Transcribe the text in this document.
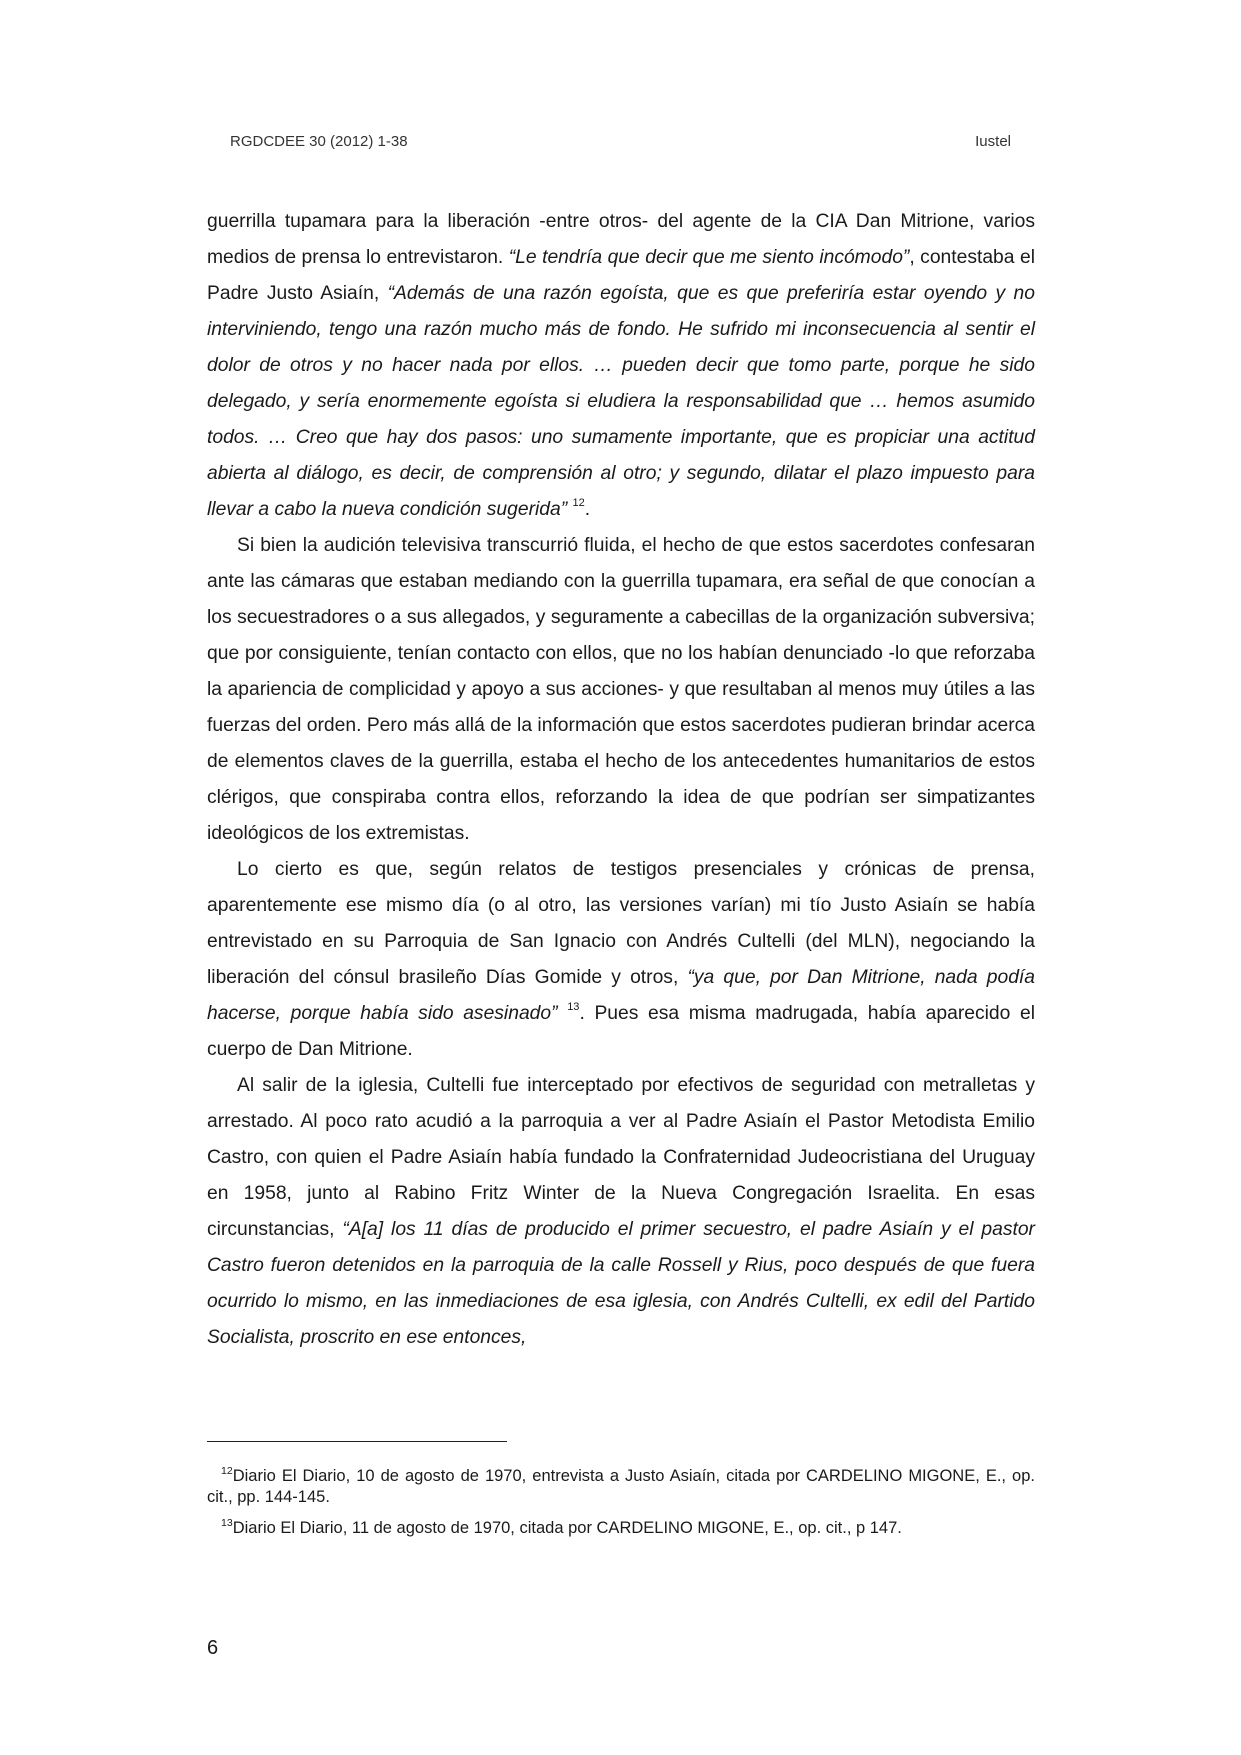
RGDCDEE 30 (2012) 1-38	Iustel

guerrilla tupamara para la liberación -entre otros- del agente de la CIA Dan Mitrione, varios medios de prensa lo entrevistaron. “Le tendría que decir que me siento incómodo”, contestaba el Padre Justo Asiaín, “Además de una razón egoísta, que es que preferiría estar oyendo y no interviniendo, tengo una razón mucho más de fondo. He sufrido mi inconsecuencia al sentir el dolor de otros y no hacer nada por ellos. … pueden decir que tomo parte, porque he sido delegado, y sería enormemente egoísta si eludiera la responsabilidad que … hemos asumido todos. … Creo que hay dos pasos: uno sumamente importante, que es propiciar una actitud abierta al diálogo, es decir, de comprensión al otro; y segundo, dilatar el plazo impuesto para llevar a cabo la nueva condición sugerida” $^{12}$.

Si bien la audición televisiva transcurrió fluida, el hecho de que estos sacerdotes confesaran ante las cámaras que estaban mediando con la guerrilla tupamara, era señal de que conocían a los secuestradores o a sus allegados, y seguramente a cabecillas de la organización subversiva; que por consiguiente, tenían contacto con ellos, que no los habían denunciado -lo que reforzaba la apariencia de complicidad y apoyo a sus acciones- y que resultaban al menos muy útiles a las fuerzas del orden. Pero más allá de la información que estos sacerdotes pudieran brindar acerca de elementos claves de la guerrilla, estaba el hecho de los antecedentes humanitarios de estos clérigos, que conspiraba contra ellos, reforzando la idea de que podrían ser simpatizantes ideológicos de los extremistas.

Lo cierto es que, según relatos de testigos presenciales y crónicas de prensa, aparentemente ese mismo día (o al otro, las versiones varían) mi tío Justo Asiaín se había entrevistado en su Parroquia de San Ignacio con Andrés Cultelli (del MLN), negociando la liberación del cónsul brasileño Días Gomide y otros, “ya que, por Dan Mitrione, nada podía hacerse, porque había sido asesinado” $^{13}$. Pues esa misma madrugada, había aparecido el cuerpo de Dan Mitrione.

Al salir de la iglesia, Cultelli fue interceptado por efectivos de seguridad con metralletas y arrestado. Al poco rato acudió a la parroquia a ver al Padre Asiaín el Pastor Metodista Emilio Castro, con quien el Padre Asiaín había fundado la Confraternidad Judeocristiana del Uruguay en 1958, junto al Rabino Fritz Winter de la Nueva Congregación Israelita. En esas circunstancias, “A[a] los 11 días de producido el primer secuestro, el padre Asiaín y el pastor Castro fueron detenidos en la parroquia de la calle Rossell y Rius, poco después de que fuera ocurrido lo mismo, en las inmediaciones de esa iglesia, con Andrés Cultelli, ex edil del Partido Socialista, proscrito en ese entonces,

$^{12}$Diario El Diario, 10 de agosto de 1970, entrevista a Justo Asiaín, citada por CARDELINO MIGONE, E., op. cit., pp. 144-145.

$^{13}$Diario El Diario, 11 de agosto de 1970, citada por CARDELINO MIGONE, E., op. cit., p 147.

6
